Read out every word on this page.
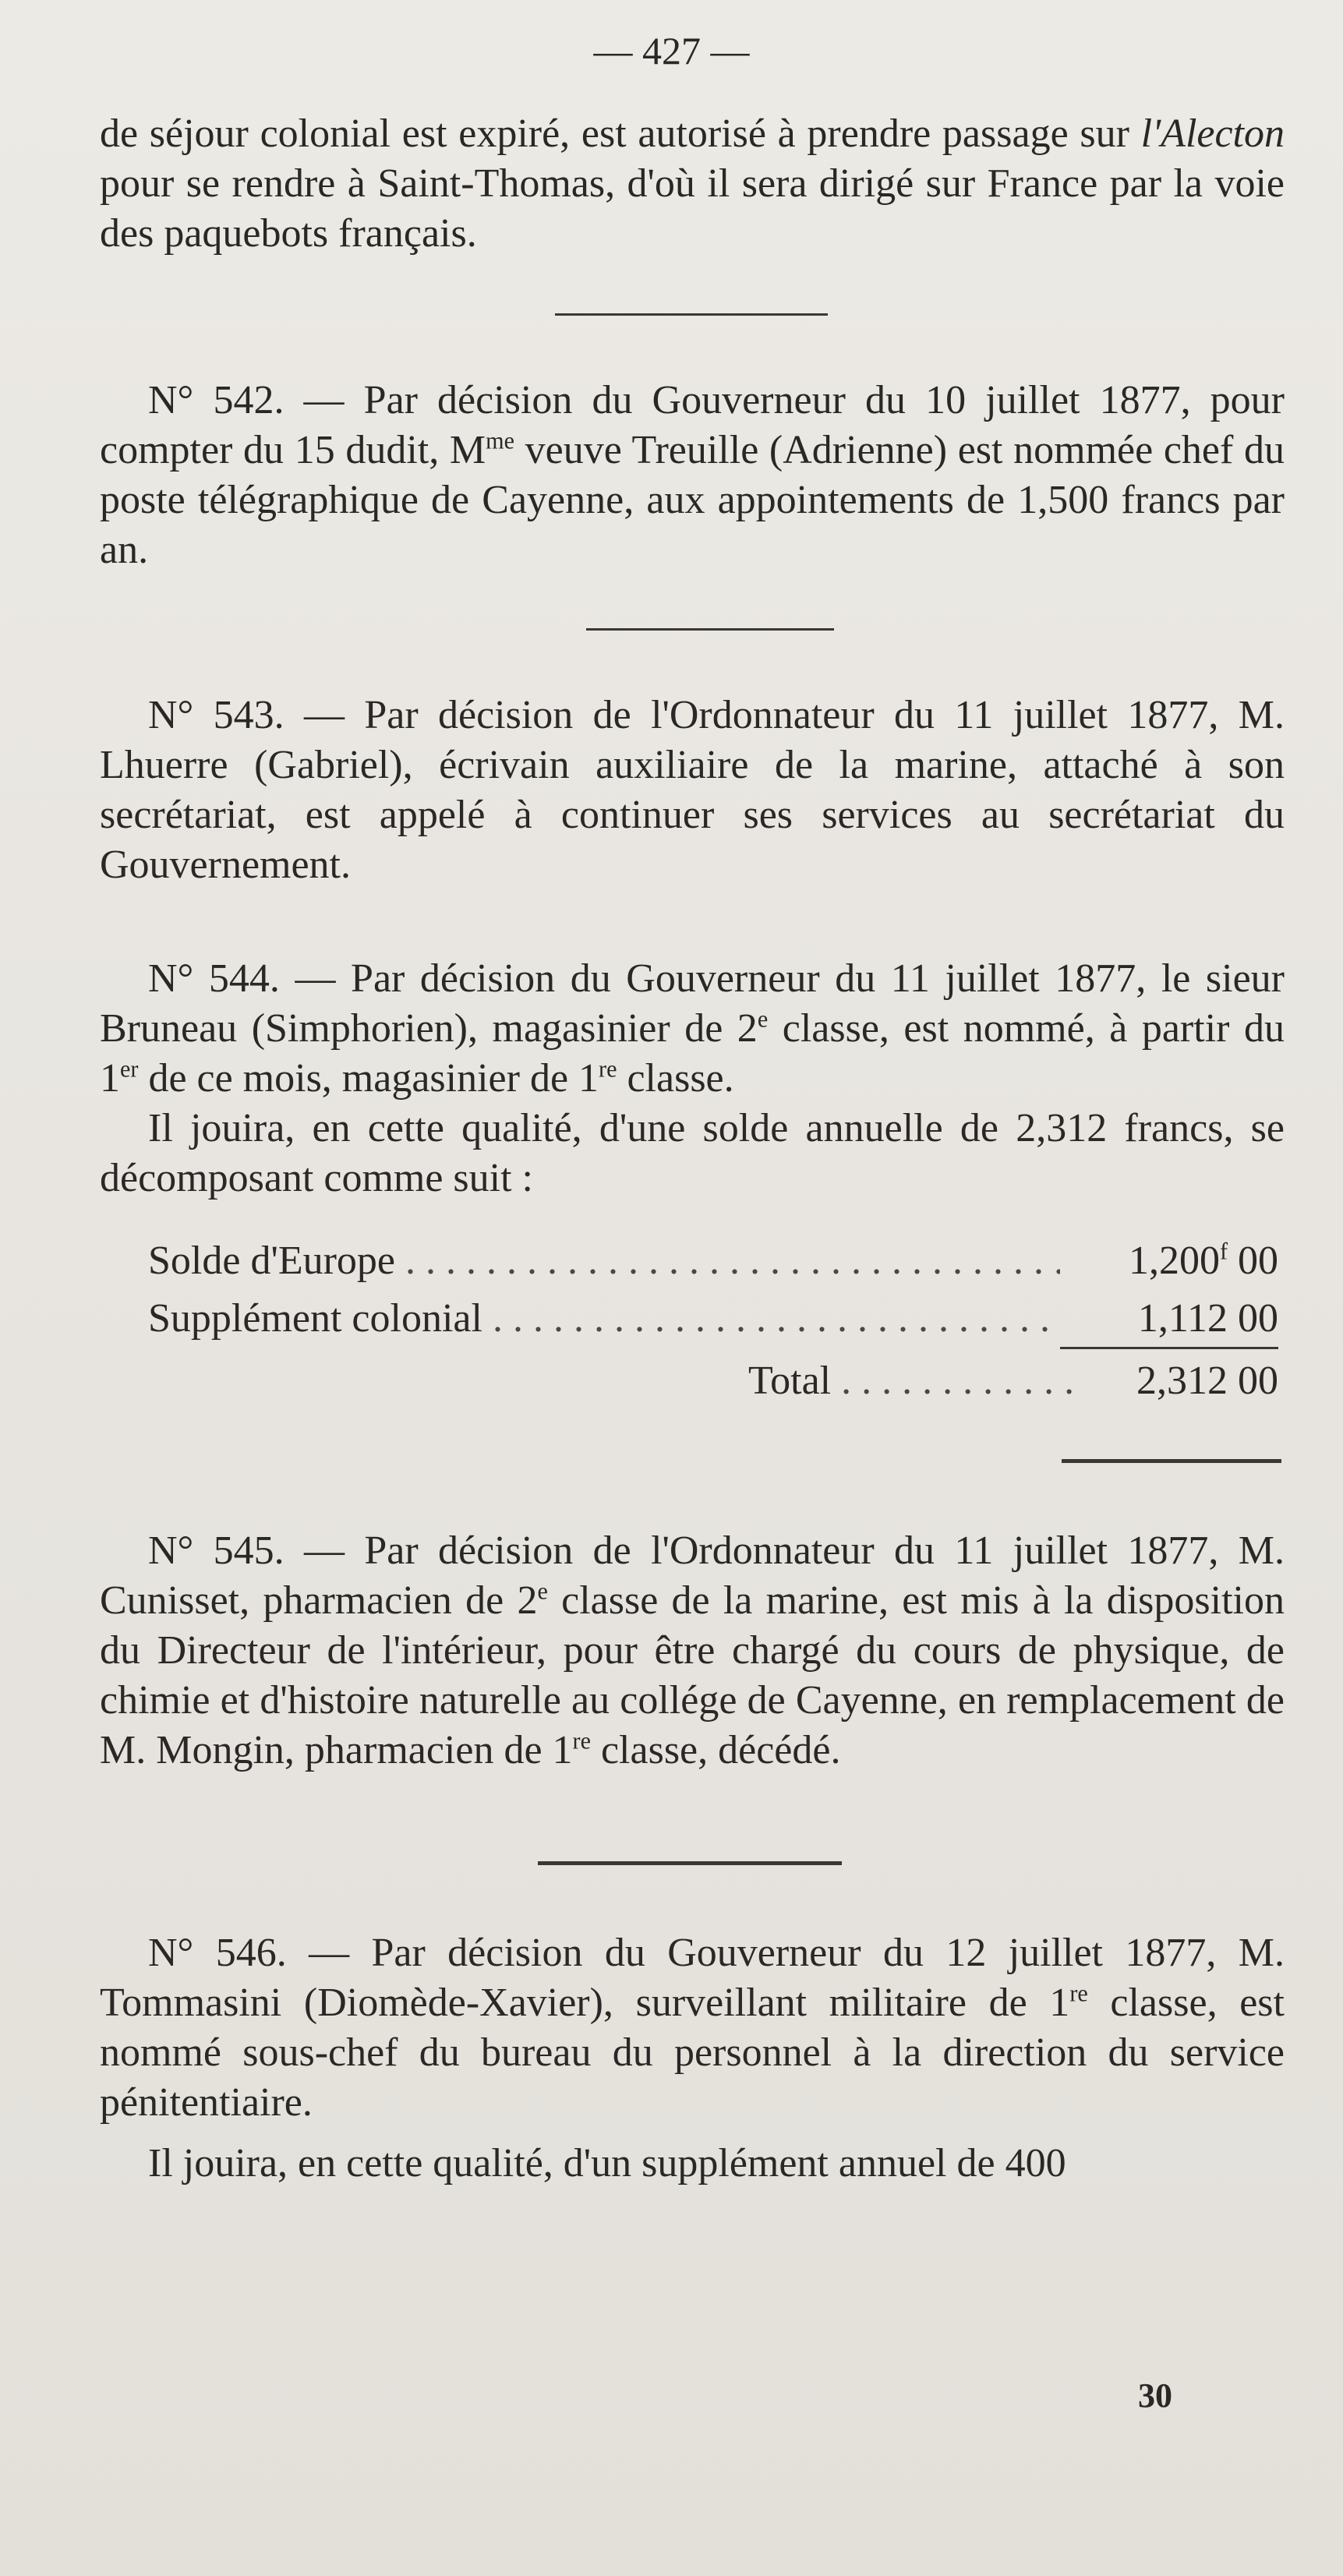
— 427 —

de séjour colonial est expiré, est autorisé à prendre passage sur l'Alecton pour se rendre à Saint-Thomas, d'où il sera dirigé sur France par la voie des paquebots français.

N° 542. — Par décision du Gouverneur du 10 juillet 1877, pour compter du 15 dudit, $M^{me}$ veuve Treuille (Adrienne) est nommée chef du poste télégraphique de Cayenne, aux appointements de 1,500 francs par an.

N° 543. — Par décision de l'Ordonnateur du 11 juillet 1877, M. Lhuerre (Gabriel), écrivain auxiliaire de la marine, attaché à son secrétariat, est appelé à continuer ses services au secrétariat du Gouvernement.

N° 544. — Par décision du Gouverneur du 11 juillet 1877, le sieur Bruneau (Simphorien), magasinier de 2e classe, est nommé, à partir du 1er de ce mois, magasinier de 1re classe.

Il jouira, en cette qualité, d'une solde annuelle de 2,312 francs, se décomposant comme suit :

Solde d'Europe . . .	1,200$^f$ 00
Supplément colonial . . .	1,112 00
Total . . .	2,312 00

N° 545. — Par décision de l'Ordonnateur du 11 juillet 1877, M. Cunisset, pharmacien de 2e classe de la marine, est mis à la disposition du Directeur de l'intérieur, pour être chargé du cours de physique, de chimie et d'histoire naturelle au collége de Cayenne, en remplacement de M. Mongin, pharmacien de 1re classe, décédé.

N° 546. — Par décision du Gouverneur du 12 juillet 1877, M. Tommasini (Diomède-Xavier), surveillant militaire de 1re classe, est nommé sous-chef du bureau du personnel à la direction du service pénitentiaire.

Il jouira, en cette qualité, d'un supplément annuel de 400

30
